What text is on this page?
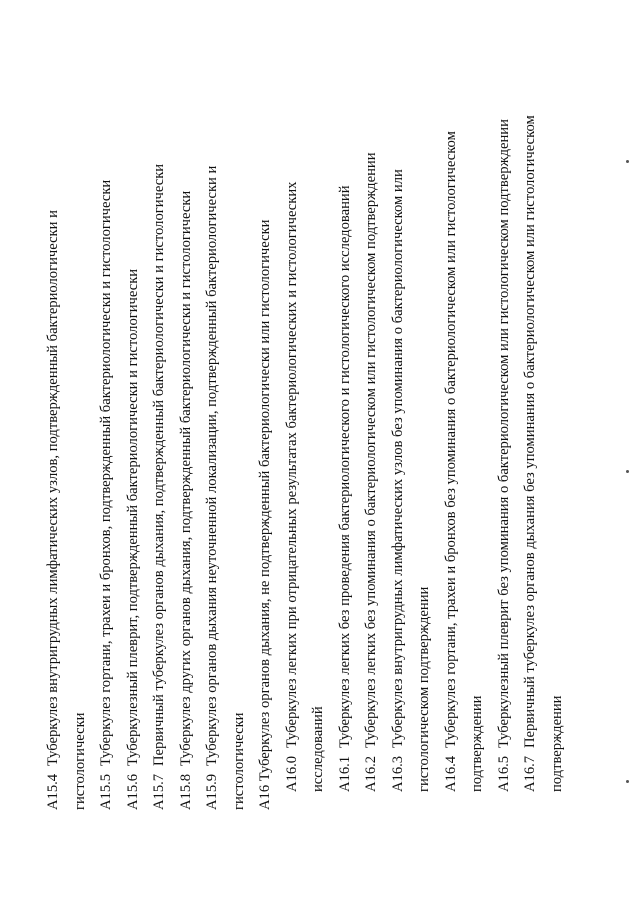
A15.4Туберкулез внутригрудных лимфатических узлов, подтвержденный бактериологически и гистологически A15.5Туберкулез гортани, трахеи и бронхов, подтвержденный бактериологически и гистологически
A15.6Туберкулезный плеврит, подтвержденный бактериологически и гистологически
A15.7Первичный туберкулез органов дыхания, подтвержденный бактериологически и гистологически
A15.8Туберкулез других органов дыхания, подтвержденный бактериологически и гистологически
A15.9Туберкулез органов дыхания неуточненной локализации, подтвержденный бактериологически и гистологически A16 Туберкулез органов дыхания, не подтвержденный бактериологически или гистологически A16.0Туберкулез легких при отрицательных результатах бактериологических и гистологических
исследований A16.1Туберкулез легких без проведения бактериологического и гистологического исследований
A16.2Туберкулез легких без упоминания о бактериологическом или гистологическом подтверждении
A16.3Туберкулез внутригрудных лимфатических узлов без упоминания о бактериологическом или гистологическом подтверждении A16.4Туберкулез гортани, трахеи и бронхов без упоминания о бактериологическом или гистологическом подтверждении A16.5Туберкулезный плеврит без упоминания о бактериологическом или гистологическом подтверждении
A16.7Первичный туберкулез органов дыхания без упоминания о бактериологическом или гистологическом подтверждении
